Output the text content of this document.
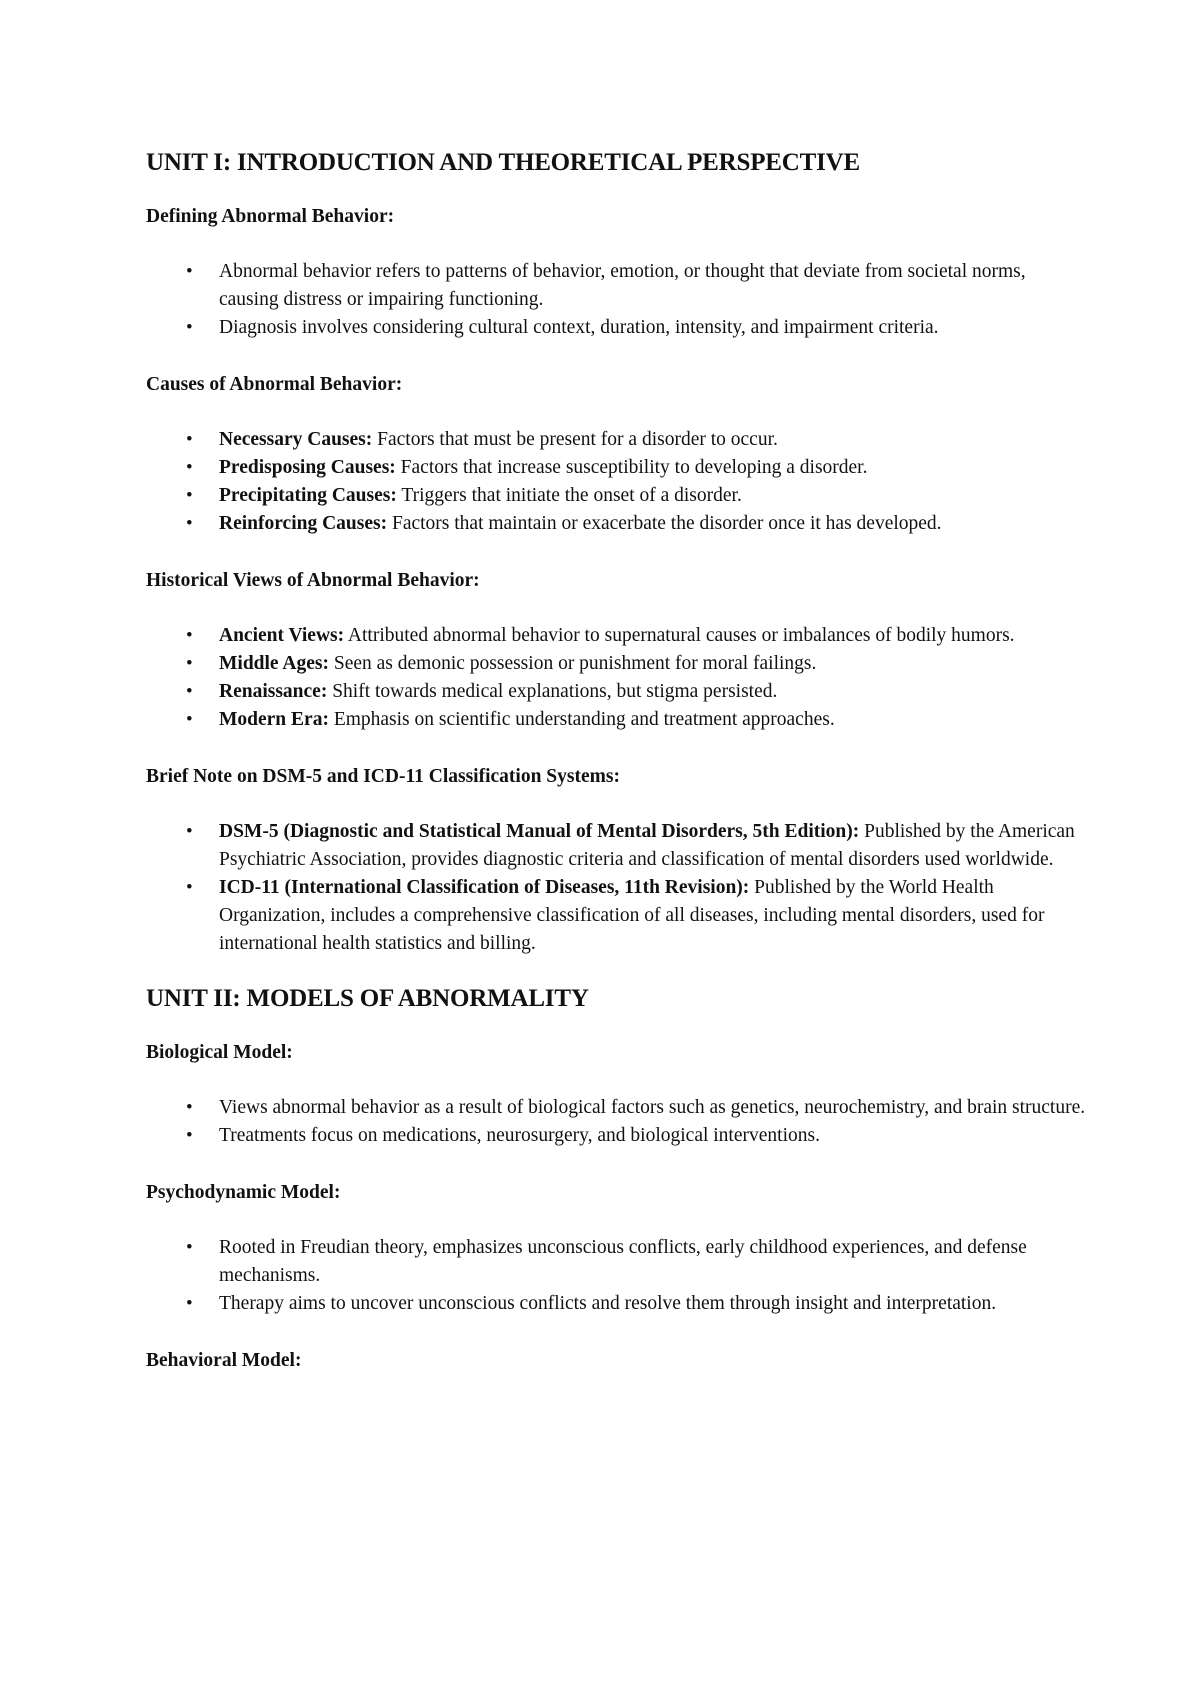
UNIT I: INTRODUCTION AND THEORETICAL PERSPECTIVE
Defining Abnormal Behavior:
• Abnormal behavior refers to patterns of behavior, emotion, or thought that deviate from societal norms, causing distress or impairing functioning.
• Diagnosis involves considering cultural context, duration, intensity, and impairment criteria.
Causes of Abnormal Behavior:
• Necessary Causes: Factors that must be present for a disorder to occur.
• Predisposing Causes: Factors that increase susceptibility to developing a disorder.
• Precipitating Causes: Triggers that initiate the onset of a disorder.
• Reinforcing Causes: Factors that maintain or exacerbate the disorder once it has developed.
Historical Views of Abnormal Behavior:
• Ancient Views: Attributed abnormal behavior to supernatural causes or imbalances of bodily humors.
• Middle Ages: Seen as demonic possession or punishment for moral failings.
• Renaissance: Shift towards medical explanations, but stigma persisted.
• Modern Era: Emphasis on scientific understanding and treatment approaches.
Brief Note on DSM-5 and ICD-11 Classification Systems:
• DSM-5 (Diagnostic and Statistical Manual of Mental Disorders, 5th Edition): Published by the American Psychiatric Association, provides diagnostic criteria and classification of mental disorders used worldwide.
• ICD-11 (International Classification of Diseases, 11th Revision): Published by the World Health Organization, includes a comprehensive classification of all diseases, including mental disorders, used for international health statistics and billing.
UNIT II: MODELS OF ABNORMALITY
Biological Model:
• Views abnormal behavior as a result of biological factors such as genetics, neurochemistry, and brain structure.
• Treatments focus on medications, neurosurgery, and biological interventions.
Psychodynamic Model:
• Rooted in Freudian theory, emphasizes unconscious conflicts, early childhood experiences, and defense mechanisms.
• Therapy aims to uncover unconscious conflicts and resolve them through insight and interpretation.
Behavioral Model:
